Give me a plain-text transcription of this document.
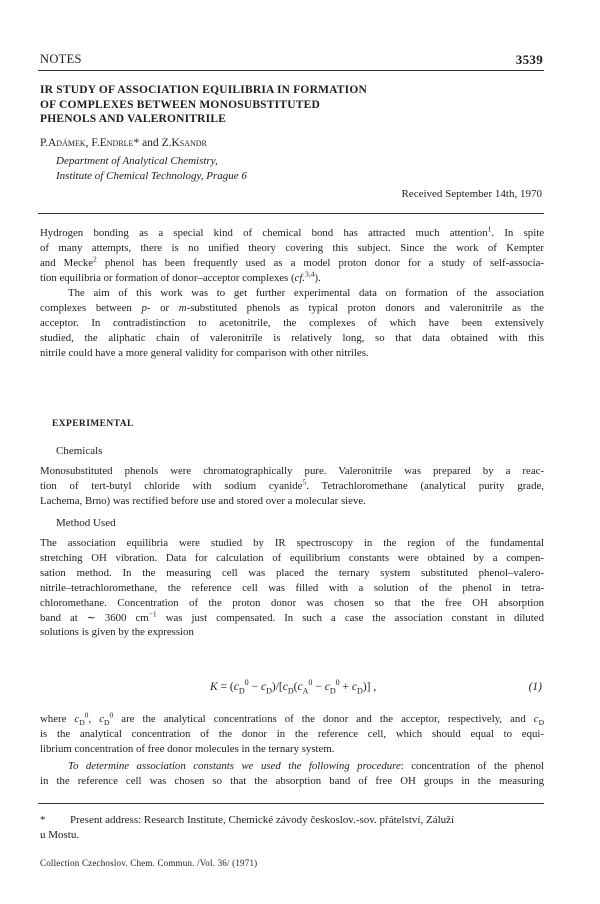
NOTES	3539
IR STUDY OF ASSOCIATION EQUILIBRIA IN FORMATION
OF COMPLEXES BETWEEN MONOSUBSTITUTED
PHENOLS AND VALERONITRILE
P.Adámek, F.Endrle* and Z.Ksandr
Department of Analytical Chemistry,
Institute of Chemical Technology, Prague 6
Received September 14th, 1970
Hydrogen bonding as a special kind of chemical bond has attracted much attention$^1$. In spite
of many attempts, there is no unified theory covering this subject. Since the work of Kempter
and Mecke$^2$ phenol has been frequently used as a model proton donor for a study of self-associa-
tion equilibria or formation of donor–acceptor complexes (cf.$^{3,4}$).
The aim of this work was to get further experimental data on formation of the association
complexes between p- or m-substituted phenols as typical proton donors and valeronitrile as the
acceptor. In contradistinction to acetonitrile, the complexes of which have been extensively
studied, the aliphatic chain of valeronitrile is relatively long, so that data obtained with this
nitrile could have a more general validity for comparison with other nitriles.
EXPERIMENTAL
Chemicals
Monosubstituted phenols were chromatographically pure. Valeronitrile was prepared by a reac-
tion of tert-butyl chloride with sodium cyanide$^5$. Tetrachloromethane (analytical purity grade,
Lachema, Brno) was rectified before use and stored over a molecular sieve.
Method Used
The association equilibria were studied by IR spectroscopy in the region of the fundamental
stretching OH vibration. Data for calculation of equilibrium constants were obtained by a compen-
sation method. In the measuring cell was placed the ternary system substituted phenol–valero-
nitrile–tetrachloromethane, the reference cell was filled with a solution of the phenol in tetra-
chloromethane. Concentration of the proton donor was chosen so that the free OH absorption
band at ∼ 3600 $cm^{-1}$ was just compensated. In such a case the association constant in diluted
solutions is given by the expression
$K = (c_D^0 - c_D)/[c_D(c_A^0 - c_D^0 + c_D)]$ ,	(1)
where $c_D^0$, $c_D^0$ are the analytical concentrations of the donor and the acceptor, respectively, and $c_D$
is the analytical concentration of the donor in the reference cell, which should equal to equi-
librium concentration of free donor molecules in the ternary system.
To determine association constants we used the following procedure: concentration of the phenol
in the reference cell was chosen so that the absorption band of free OH groups in the measuring
* Present address: Research Institute, Chemické závody českoslov.-sov. přátelství, Záluží
u Mostu.
Collection Czechoslov. Chem. Commun. /Vol. 36/ (1971)
